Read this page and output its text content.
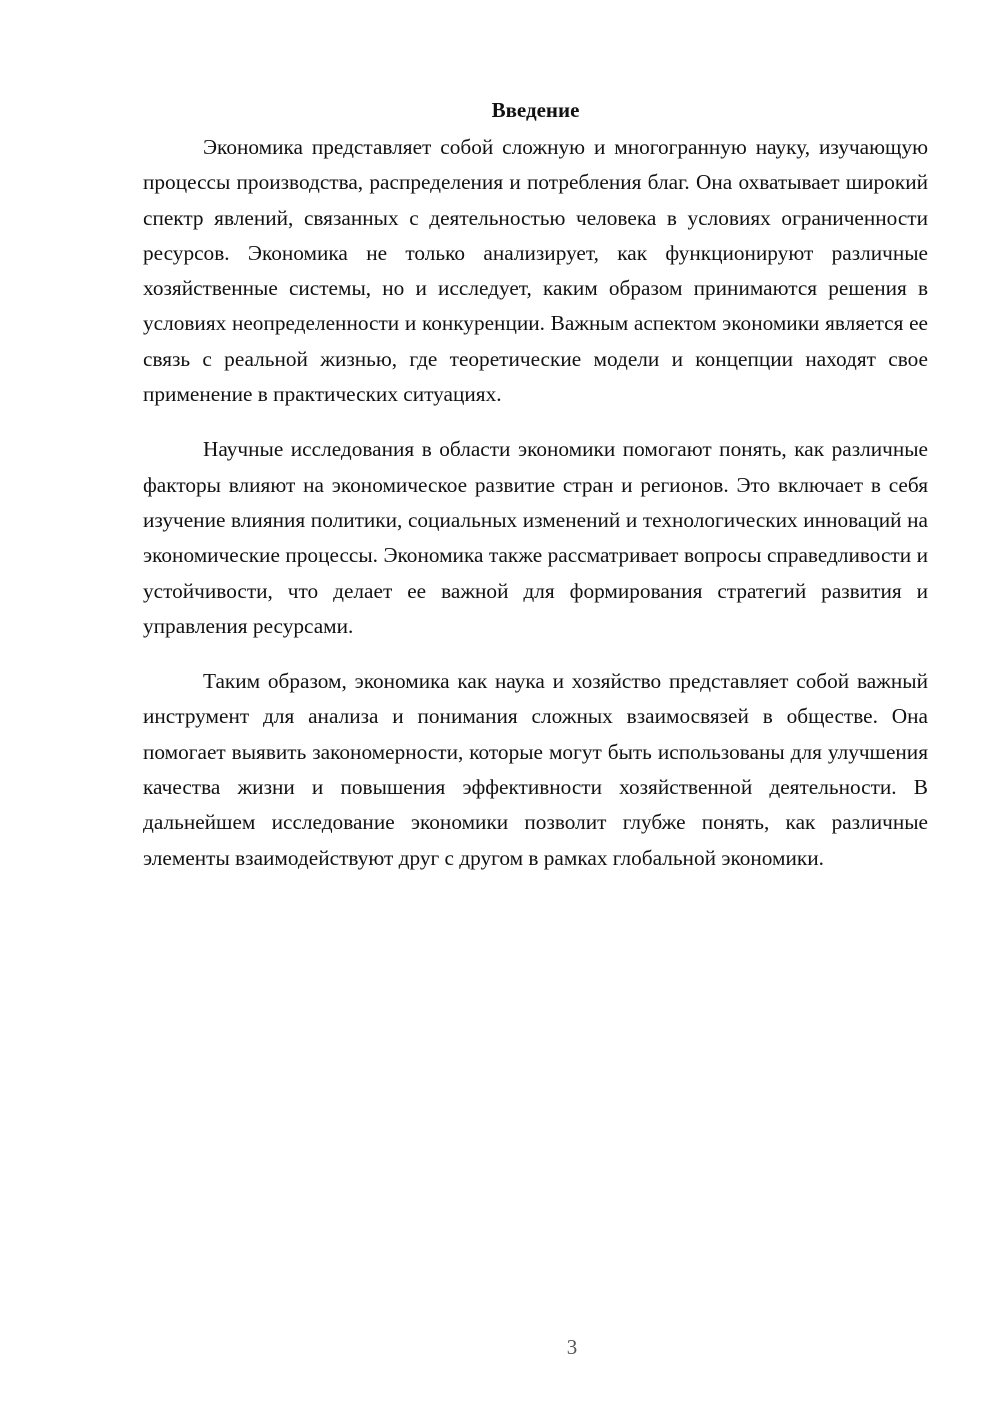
Введение

Экономика представляет собой сложную и многогранную науку, изучающую процессы производства, распределения и потребления благ. Она охватывает широкий спектр явлений, связанных с деятельностью человека в условиях ограниченности ресурсов. Экономика не только анализирует, как функционируют различные хозяйственные системы, но и исследует, каким образом принимаются решения в условиях неопределенности и конкуренции. Важным аспектом экономики является ее связь с реальной жизнью, где теоретические модели и концепции находят свое применение в практических ситуациях.

Научные исследования в области экономики помогают понять, как различные факторы влияют на экономическое развитие стран и регионов. Это включает в себя изучение влияния политики, социальных изменений и технологических инноваций на экономические процессы. Экономика также рассматривает вопросы справедливости и устойчивости, что делает ее важной для формирования стратегий развития и управления ресурсами.

Таким образом, экономика как наука и хозяйство представляет собой важный инструмент для анализа и понимания сложных взаимосвязей в обществе. Она помогает выявить закономерности, которые могут быть использованы для улучшения качества жизни и повышения эффективности хозяйственной деятельности. В дальнейшем исследование экономики позволит глубже понять, как различные элементы взаимодействуют друг с другом в рамках глобальной экономики.

3
